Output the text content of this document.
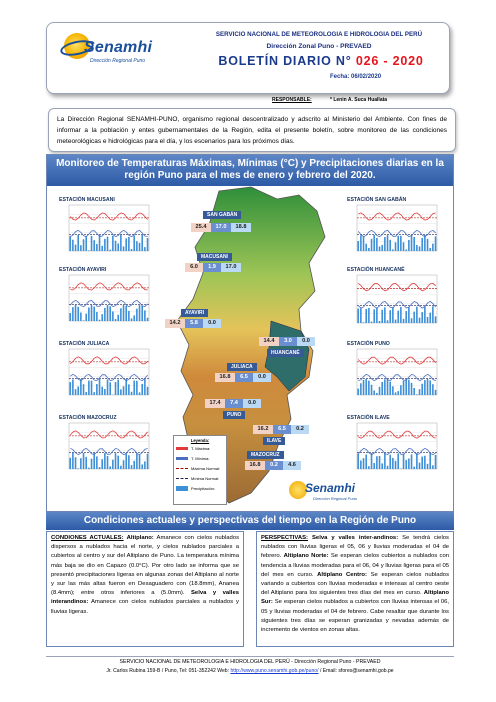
Senamhi
Dirección Regional Puno
SERVICIO NACIONAL DE METEOROLOGIA E HIDROLOGIA DEL PERÚ
Dirección Zonal Puno - PREVAED
BOLETÍN DIARIO N° 026 - 2020
Fecha: 06/02/2020
RESPONSABLE:	* Lenin A. Suca Huallata
La Dirección Regional SENAMHI-PUNO, organismo regional descentralizado y adscrito al Ministerio del Ambiente. Con fines de informar a la población y entes gubernamentales de la Región, edita el presente boletín, sobre monitoreo de las condiciones meteorológicas e hidrológicas para el día, y los escenarios para los próximos días.
Monitoreo de Temperaturas Máximas, Mínimas (°C) y Precipitaciones diarias en la región Puno para el mes de enero y febrero del 2020.
ESTACIÓN MACUSANI
ESTACIÓN AYAVIRI
ESTACIÓN JULIACA
ESTACIÓN MAZOCRUZ
ESTACIÓN SAN GABÁN
ESTACIÓN HUANCANÉ
ESTACIÓN PUNO
ESTACIÓN ILAVE
SAN GABÁN
25.4	17.0	18.8
MACUSANI
6.0	1.9	17.0
AYAVIRI
14.2	5.8	0.0
14.4	3.0	0.0
HUANCANÉ
JULIACA
16.8	6.5	0.0
17.4	7.4	0.0
PUNO
16.2	6.5	0.2
ILAVE
MAZOCRUZ
16.8	0.2	4.6
Leyenda:
T. Máxima:
T. Mínima:
Máxima Normal:
Mínima Normal:
Precipitación:	Senamhi
Dirección Regional Puno
Condiciones actuales y perspectivas del tiempo en la Región de Puno
CONDIONES ACTUALES: Altiplano: Amanece con cielos nublados dispersos a nublados hacia el norte, y cielos nublados parciales a cubiertos al centro y sur del Altiplano de Puno. La temperatura mínima más baja se dio en Capazo (0.0°C). Por otro lado se informa que se presentó precipitaciones ligeras en algunas zonas del Altiplano al norte y sur las más altas fueron en Desaguadero con (18.8mm), Ananea (8.4mm); entre otros inferiores a (5.0mm). Selva y valles interandinos: Amanece con cielos nublados parciales a nublados y lluvias ligeras.
PERSPECTIVAS: Selva y valles inter-andinos: Se tendrá cielos nublados con lluvias ligeras el 05, 06 y lluvias moderadas el 04 de febrero. Altiplano Norte: Se esperan cielos cubiertos a nublados con tendencia a lluvias moderadas para el 06, 04 y lluvias ligeras para el 05 del mes en curso. Altiplano Centro: Se esperan cielos nublados variando a cubiertos con lluvias moderadas e intensas al centro oeste del Altiplano para los siguientes tres días del mes en curso. Altiplano Sur: Se esperan cielos nublados a cubiertos con lluvias intensas el 06, 05 y lluvias moderadas el 04 de febrero. Cabe resaltar que durante los siguientes tres días se esperan granizadas y nevadas además de incremento de vientos en zonas altas.
SERVICIO NACIONAL DE METEOROLOGIA E HIDROLOGIA DEL PERÚ - Dirección Regional Puno - PREVAED
Jr. Carlos Rubina 159-B / Puno, Tel: 051-352242 Web: http://www.puno.senamhi.gob.pe/puno/ / Email: sfores@senamhi.gob.pe
